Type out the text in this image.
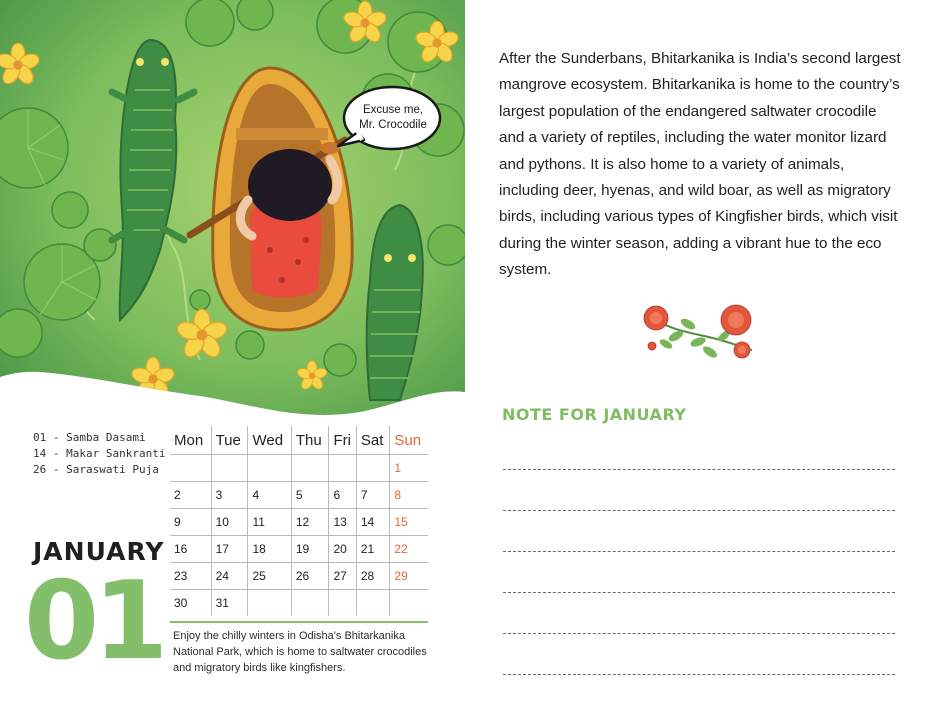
Excuse me,
Mr. Crocodile
01 - Samba Dasami
14 - Makar Sankranti
26 - Saraswati Puja
JANUARY
01
Mon	Tue	Wed	Thu	Fri	Sat	Sun
						1
2	3	4	5	6	7	8
9	10	11	12	13	14	15
16	17	18	19	20	21	22
23	24	25	26	27	28	29
30	31					
Enjoy the chilly winters in Odisha's Bhitarkanika National Park, which is home to saltwater crocodiles and migratory birds like kingfishers.

After the Sunderbans, Bhitarkanika is India’s second largest mangrove ecosystem. Bhitarkanika is home to the country’s largest population of the endangered saltwater crocodile and a variety of reptiles, including the water monitor lizard and pythons. It is also home to a variety of animals, including deer, hyenas, and wild boar, as well as migratory birds, including various types of Kingfisher birds, which visit during the winter season, adding a vibrant hue to the eco system.

NOTE FOR JANUARY
